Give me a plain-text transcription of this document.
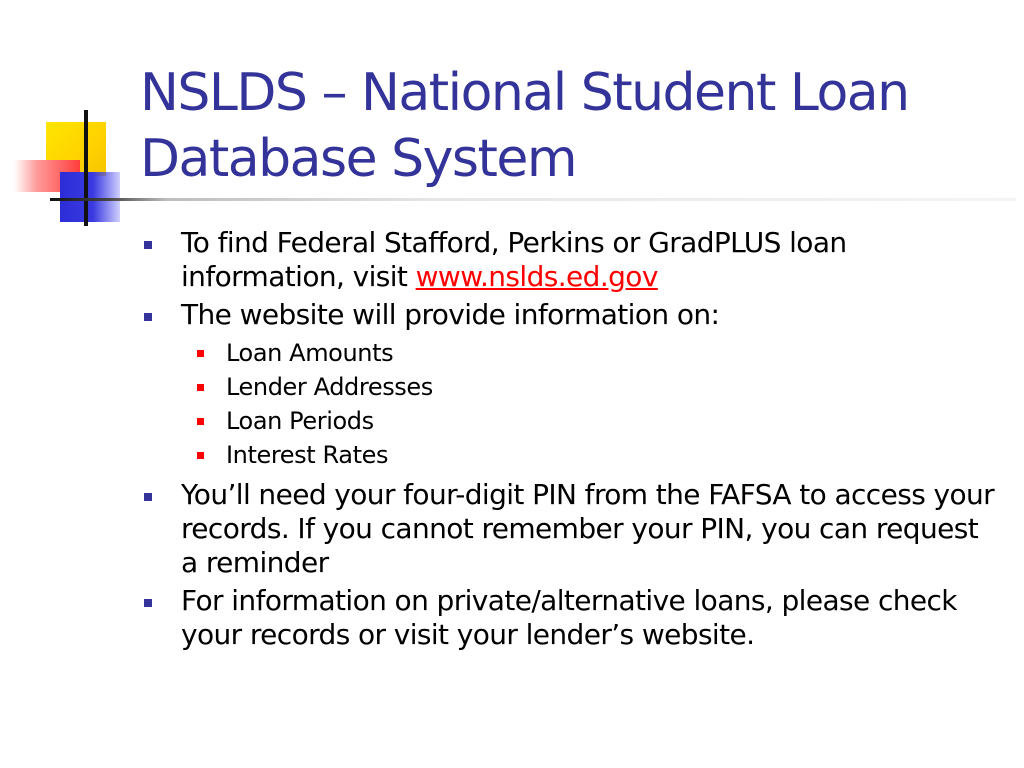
NSLDS – National Student Loan Database System
To find Federal Stafford, Perkins or GradPLUS loan information, visit www.nslds.ed.gov
The website will provide information on:
Loan Amounts
Lender Addresses
Loan Periods
Interest Rates
You’ll need your four-digit PIN from the FAFSA to access your records. If you cannot remember your PIN, you can request a reminder
For information on private/alternative loans, please check your records or visit your lender’s website.
